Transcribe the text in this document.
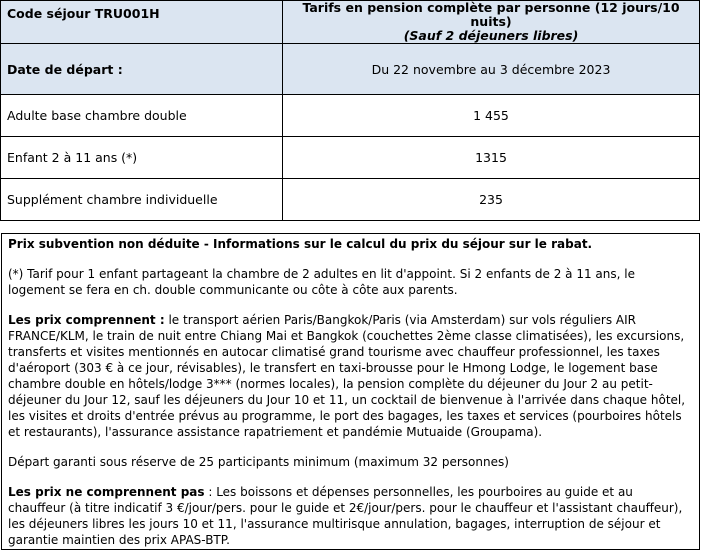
Code séjour TRU001H	Tarifs en pension complète par personne (12 jours/10 nuits)
(Sauf 2 déjeuners libres)

Date de départ :	Du 22 novembre au 3 décembre 2023
Adulte base chambre double	1 455
Enfant 2 à 11 ans (*)	1315
Supplément chambre individuelle	235

Prix subvention non déduite - Informations sur le calcul du prix du séjour sur le rabat.

(*) Tarif pour 1 enfant partageant la chambre de 2 adultes en lit d'appoint. Si 2 enfants de 2 à 11 ans, le logement se fera en ch. double communicante ou côte à côte aux parents.

Les prix comprennent : le transport aérien Paris/Bangkok/Paris (via Amsterdam) sur vols réguliers AIR FRANCE/KLM, le train de nuit entre Chiang Mai et Bangkok (couchettes 2ème classe climatisées), les excursions, transferts et visites mentionnés en autocar climatisé grand tourisme avec chauffeur professionnel, les taxes d'aéroport (303 € à ce jour, révisables), le transfert en taxi-brousse pour le Hmong Lodge, le logement base chambre double en hôtels/lodge 3*** (normes locales), la pension complète du déjeuner du Jour 2 au petit-déjeuner du Jour 12, sauf les déjeuners du Jour 10 et 11, un cocktail de bienvenue à l'arrivée dans chaque hôtel, les visites et droits d'entrée prévus au programme, le port des bagages, les taxes et services (pourboires hôtels et restaurants), l'assurance assistance rapatriement et pandémie Mutuaide (Groupama).

Départ garanti sous réserve de 25 participants minimum (maximum 32 personnes)

Les prix ne comprennent pas : Les boissons et dépenses personnelles, les pourboires au guide et au chauffeur (à titre indicatif 3 €/jour/pers. pour le guide et 2€/jour/pers. pour le chauffeur et l'assistant chauffeur), les déjeuners libres les jours 10 et 11, l'assurance multirisque annulation, bagages, interruption de séjour et garantie maintien des prix APAS-BTP.
